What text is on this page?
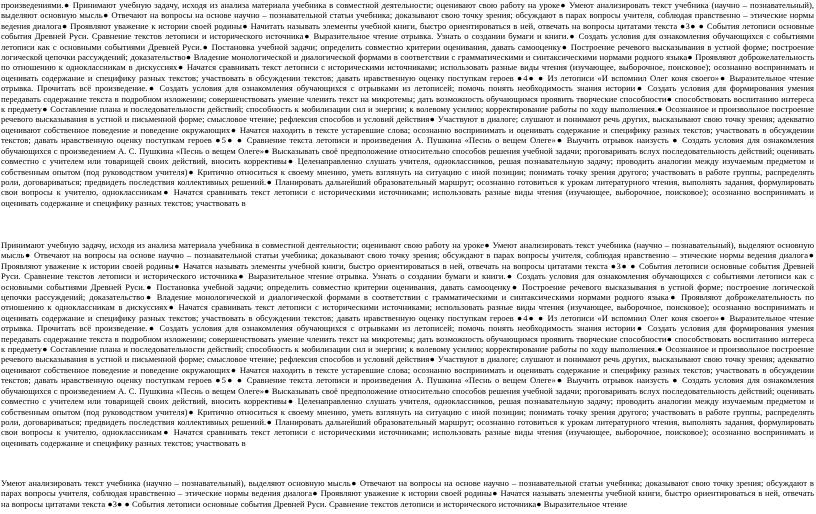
произведениями.● Принимают учебную задачу, исходя из анализа материала учебника в совместной деятельности; оценивают свою работу на уроке● Умеют анализировать текст учебника (научно – познавательный), выделяют основную мысль● Отвечают на вопросы на основе научно – познавательной статьи учебника; доказывают свою точку зрения; обсуждают в парах вопросы учителя, соблюдая правственно – этические нормы ведения диалога● Проявляют уважение к истории своей родины● Начитать называть элементы учебной книги, быстро ориентироваться в ней, отвечать на вопросы цитатами текста ●3● ● События летописи основные события Древней Руси. Сравнение текстов летописи и исторического источника● Выразительное чтение отрывка. Узнать о создании бумаги и книги.● Создать условия для ознакомления обучающихся с событиями летописи как с основными событиями Древней Руси.● Постановка учебной задачи; определить совместно критерии оценивания, давать самооценку● Построение речевого высказывания в устной форме; построение логической цепочки рассуждений; доказательство● Владение монологической и диалогической формами в соответствии с грамматическими и синтаксическими нормами родного языка● Проявляют доброжелательность по отношению к одноклассникам в дискуссиях● Начатся сравнивать текст летописи с историческими источниками; использовать разные виды чтения (изучающее, выборочное, поисковое); осознанно воспринимать и оценивать содержание и специфику разных текстов; участвовать в обсуждении текстов; давать нравственную оценку поступкам героев ●4● ● Из летописи «И вспомнил Олег коня своего»● Выразительное чтение отрывка. Прочитать всё произведение.● Создать условия для ознакомления обучающихся с отрывками из летописей; помочь понять необходимость знания истории● Создать условия для формирования умения передавать содержание текста в подробном изложении; совершенствовать умение членить текст на микротемы; дать возможность обучающимся проявить творческие способности● способствовать воспитанию интереса к предмету● Составление плана и последовательности действий; способность к мобилизации сил и энергии; к волевому усилию; корректирование работы по ходу выполнения.● Осознанное и произвольное построение речевого высказывания в устной и письменной форме; смысловое чтение; рефлексия способов и условий действия● Участвуют в диалоге; слушают и понимают речь других, высказывают свою точку зрения; адекватно оценивают собственное поведение и поведение окружающих● Начатся находить в тексте устаревшие слова; осознанно воспринимать и оценивать содержание и специфику разных текстов; участвовать в обсуждении текстов; давать нравственную оценку поступкам героев ●5● ● Сравнение текста летописи и произведения А. Пушкина «Песнь о вещем Олеге»● Выучить отрывок наизусть ● Создать условия для ознакомления обучающихся с произведением А. С. Пушкина «Песнь о вещем Олеге»● Высказывать своё предположение относительно способов решения учебной задачи; проговаривать вслух последовательность действий; оценивать совместно с учителем или товарищей своих действий, вносить коррективы● Целенаправленно слушать учителя, одноклассников, решая познавательную задачу; проводить аналогии между изучаемым предметом и собственным опытом (под руководством учителя)● Критично относиться к своему мнению, уметь взглянуть на ситуацию с иной позиции; понимать точку зрения другого; участвовать в работе группы, распределять роли, договариваться; предвидеть последствия коллективных решений.● Планировать дальнейший образовательный маршрут; осознанно готовиться к урокам литературного чтения, выполнять задания, формулировать свои вопросы к учителю, одноклассникам● Начатся сравнивать текст летописи с историческими источниками; использовать разные виды чтения (изучающее, выборочное, поисковое); осознанно воспринимать и оценивать содержание и специфику разных текстов; участвовать в

Принимают учебную задачу, исходя из анализа материала учебника в совместной деятельности; оценивают свою работу на уроке● Умеют анализировать текст учебника (научно – познавательный), выделяют основную мысль● Отвечают на вопросы на основе научно – познавательной статьи учебника; доказывают свою точку зрения; обсуждают в парах вопросы учителя, соблюдая нравственно – этические нормы ведения диалога● Проявляют уважение к истории своей родины● Начатся называть элементы учебной книги, быстро ориентироваться в ней, отвечать на вопросы цитатами текста ●3● ● События летописи основные события Древней Руси. Сравнение текстов летописи и исторического источника● Выразительное чтение отрывка. Узнать о создании бумаги и книги.● Создать условия для ознакомления обучающихся с событиями летописи как с основными событиями Древней Руси.● Постановка учебной задачи; определить совместно критерии оценивания, давать самооценку● Построение речевого высказывания в устной форме; построение логической цепочки рассуждений; доказательство● Владение монологической и диалогической формами в соответствии с грамматическими и синтаксическими нормами родного языка● Проявляют доброжелательность по отношению к одноклассникам в дискуссиях● Начатся сравнивать текст летописи с историческими источниками; использовать разные виды чтения (изучающее, выборочное, поисковое); осознанно воспринимать и оценивать содержание и специфику разных текстов; участвовать в обсуждении текстов; давать нравственную оценку поступкам героев ●4● ● Из летописи «И вспомнил Олег коня своего»● Выразительное чтение отрывка. Прочитать всё произведение.● Создать условия для ознакомления обучающихся с отрывками из летописей; помочь понять необходимость знания истории● Создать условия для формирования умения передавать содержание текста в подробном изложении; совершенствовать умение членить текст на микротемы; дать возможность обучающимся проявить творческие способности● способствовать воспитанию интереса к предмету● Составление плана и последовательности действий; способность к мобилизации сил и энергии; к волевому усилию; корректирование работы по ходу выполнения.● Осознанное и произвольное построение речевого высказывания в устной и письменной форме; смысловое чтение; рефлексия способов и условий действия● Участвуют в диалоге; слушают и понимают речь других, высказывают свою точку зрения; адекватно оценивают собственное поведение и поведение окружающих● Начатся находить в тексте устаревшие слова; осознанно воспринимать и оценивать содержание и специфику разных текстов; участвовать в обсуждении текстов; давать нравственную оценку поступкам героев ●5● ● Сравнение текста летописи и произведения А. Пушкина «Песнь о вещем Олеге»● Выучить отрывок наизусть ● Создать условия для ознакомления обучающихся с произведением А. С. Пушкина «Песнь о вещем Олеге»● Высказывать своё предположение относительно способов решения учебной задачи; проговаривать вслух последовательность действий; оценивать совместно с учителем или товарищей своих действий, вносить коррективы● Целенаправленно слушать учителя, одноклассников, решая познавательную задачу; проводить аналогии между изучаемым предметом и собственным опытом (под руководством учителя)● Критично относиться к своему мнению, уметь взглянуть на ситуацию с иной позиции; понимать точку зрения другого; участвовать в работе группы, распределять роли, договариваться; предвидеть последствия коллективных решений.● Планировать дальнейший образовательный маршрут; осознанно готовиться к урокам литературного чтения, выполнять задания, формулировать свои вопросы к учителю, одноклассникам● Начатся сравнивать текст летописи с историческими источниками; использовать разные виды чтения (изучающее, выборочное, поисковое); осознанно воспринимать и оценивать содержание и специфику разных текстов; участвовать в

Умеют анализировать текст учебника (научно – познавательный), выделяют основную мысль● Отвечают на вопросы на основе научно – познавательной статьи учебника; доказывают свою точку зрения; обсуждают в парах вопросы учителя, соблюдая нравственно – этические нормы ведения диалога● Проявляют уважение к истории своей родины● Начатся называть элементы учебной книги, быстро ориентироваться в ней, отвечать на вопросы цитатами текста ●3● ● События летописи основные события Древней Руси. Сравнение текстов летописи и исторического источника● Выразительное чтение
